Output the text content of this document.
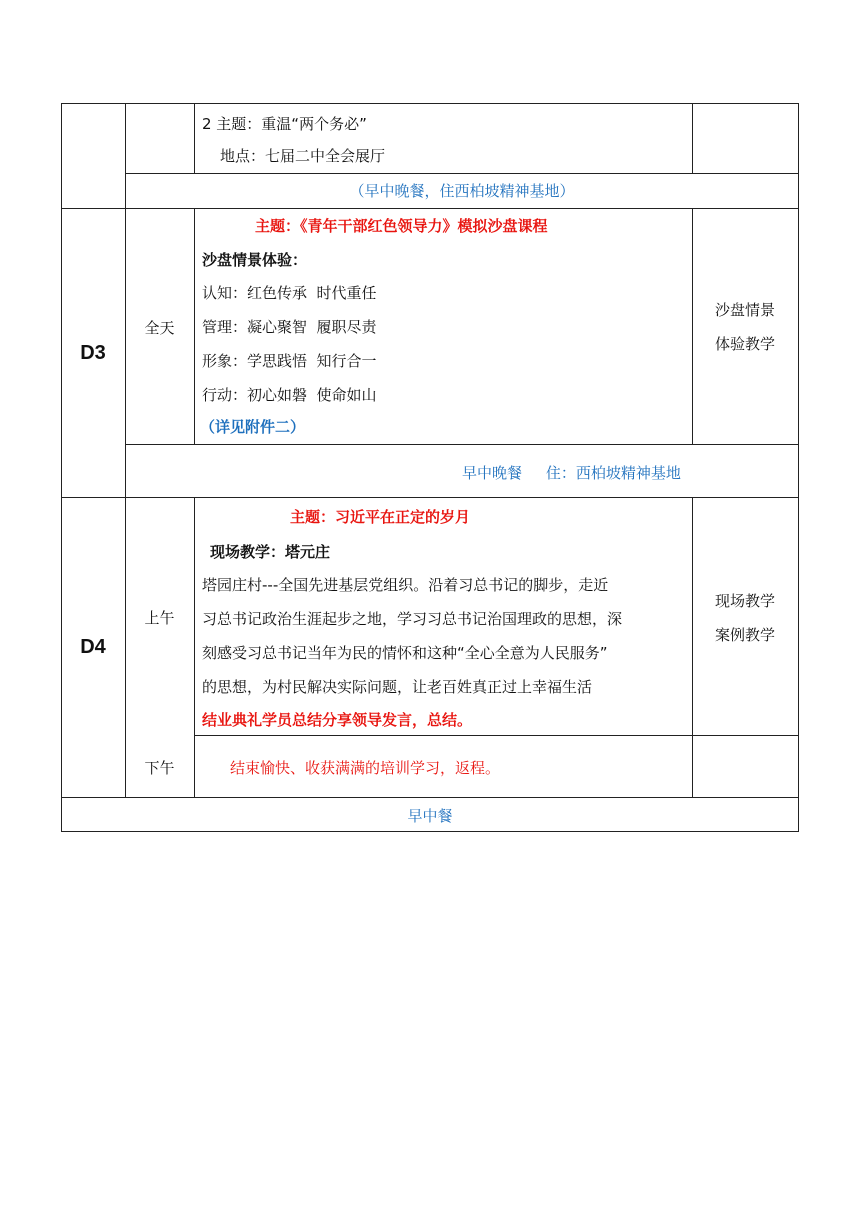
2 主题：重温“两个务必”
地点：七届二中全会展厅
（早中晚餐，住西柏坡精神基地）
D3
全天
主题：《青年干部红色领导力》模拟沙盘课程
沙盘情景体验：
认知：红色传承  时代重任
管理：凝心聚智  履职尽责
形象：学思践悟  知行合一
行动：初心如磐  使命如山
（详见附件二）
沙盘情景
体验教学
早中晚餐     住：西柏坡精神基地
D4
上午
主题：习近平在正定的岁月
现场教学：塔元庄
塔园庄村---全国先进基层党组织。沿着习总书记的脚步，走近
习总书记政治生涯起步之地，学习习总书记治国理政的思想，深
刻感受习总书记当年为民的情怀和这种“全心全意为人民服务”
的思想，为村民解决实际问题，让老百姓真正过上幸福生活
结业典礼学员总结分享领导发言，总结。
现场教学
案例教学
下午	结束愉快、收获满满的培训学习，返程。
早中餐
